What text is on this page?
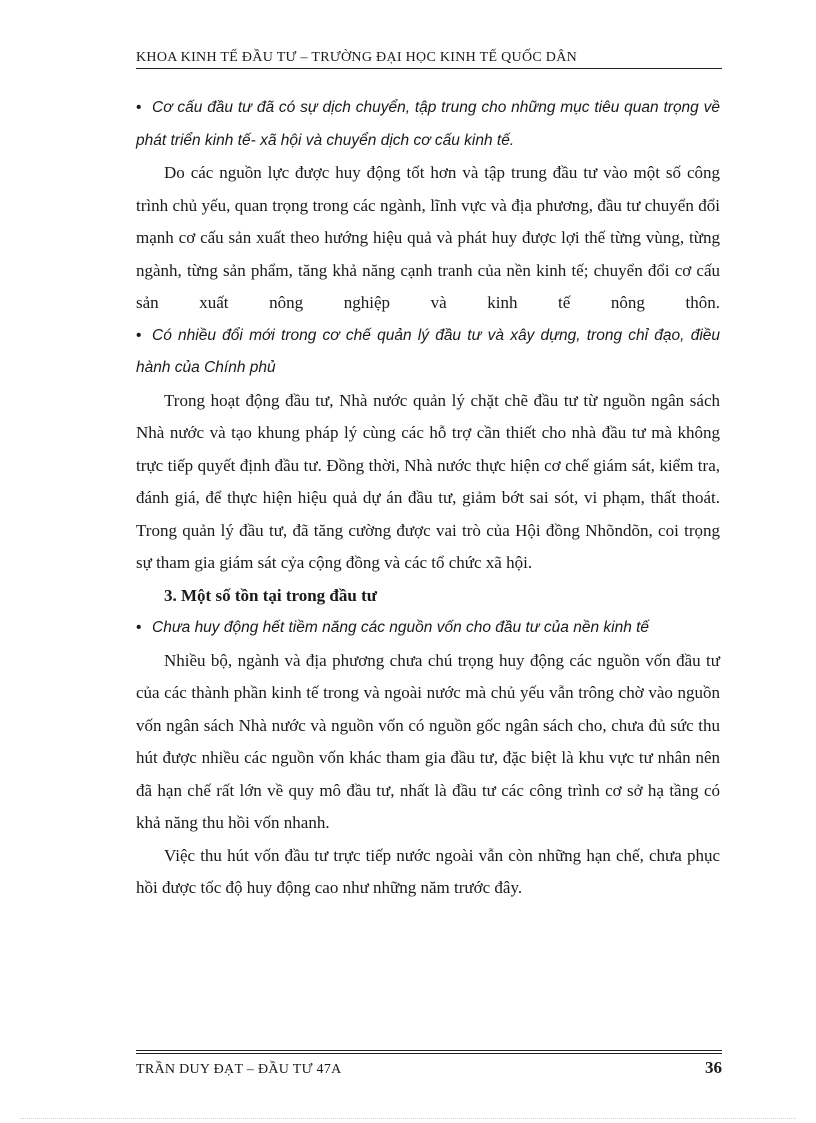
KHOA KINH TẾ ĐẦU TƯ – TRƯỜNG ĐẠI HỌC KINH TẾ QUỐC DÂN

• Cơ cấu đầu tư đã có sự dịch chuyển, tập trung cho những mục tiêu quan trọng về phát triển kinh tế- xã hội và chuyển dịch cơ cấu kinh tế.

Do các nguồn lực được huy động tốt hơn và tập trung đầu tư vào một số công trình chủ yếu, quan trọng trong các ngành, lĩnh vực và địa phương, đầu tư chuyển đổi mạnh cơ cấu sản xuất theo hướng hiệu quả và phát huy được lợi thế từng vùng, từng ngành, từng sản phẩm, tăng khả năng cạnh tranh của nền kinh tế; chuyển đổi cơ cấu sản xuất nông nghiệp và kinh tế nông thôn.

• Có nhiều đổi mới trong cơ chế quản lý đầu tư và xây dựng, trong chỉ đạo, điều hành của Chính phủ

Trong hoạt động đầu tư, Nhà nước quản lý chặt chẽ đầu tư từ nguồn ngân sách Nhà nước và tạo khung pháp lý cùng các hỗ trợ cần thiết cho nhà đầu tư mà không trực tiếp quyết định đầu tư. Đồng thời, Nhà nước thực hiện cơ chế giám sát, kiểm tra, đánh giá, để thực hiện hiệu quả dự án đầu tư, giảm bớt sai sót, vi phạm, thất thoát. Trong quản lý đầu tư, đã tăng cường được vai trò của Hội đồng Nhõndõn, coi trọng sự tham gia giám sát cỷa cộng đồng và các tổ chức xã hội.

3. Một số tồn tại trong đầu tư

• Chưa huy động hết tiềm năng các nguồn vốn cho đầu tư của nền kinh tế

Nhiều bộ, ngành và địa phương chưa chú trọng huy động các nguồn vốn đầu tư của các thành phần kinh tế trong và ngoài nước mà chủ yếu vẫn trông chờ vào nguồn vốn ngân sách Nhà nước và nguồn vốn có nguồn gốc ngân sách cho, chưa đủ sức thu hút được nhiều các nguồn vốn khác tham gia đầu tư, đặc biệt là khu vực tư nhân nên đã hạn chế rất lớn về quy mô đầu tư, nhất là đầu tư các công trình cơ sở hạ tầng có khả năng thu hồi vốn nhanh.

Việc thu hút vốn đầu tư trực tiếp nước ngoài vẫn còn những hạn chế, chưa phục hồi được tốc độ huy động cao như những năm trước đây.

TRẦN DUY ĐẠT – ĐẦU TƯ 47A	36
